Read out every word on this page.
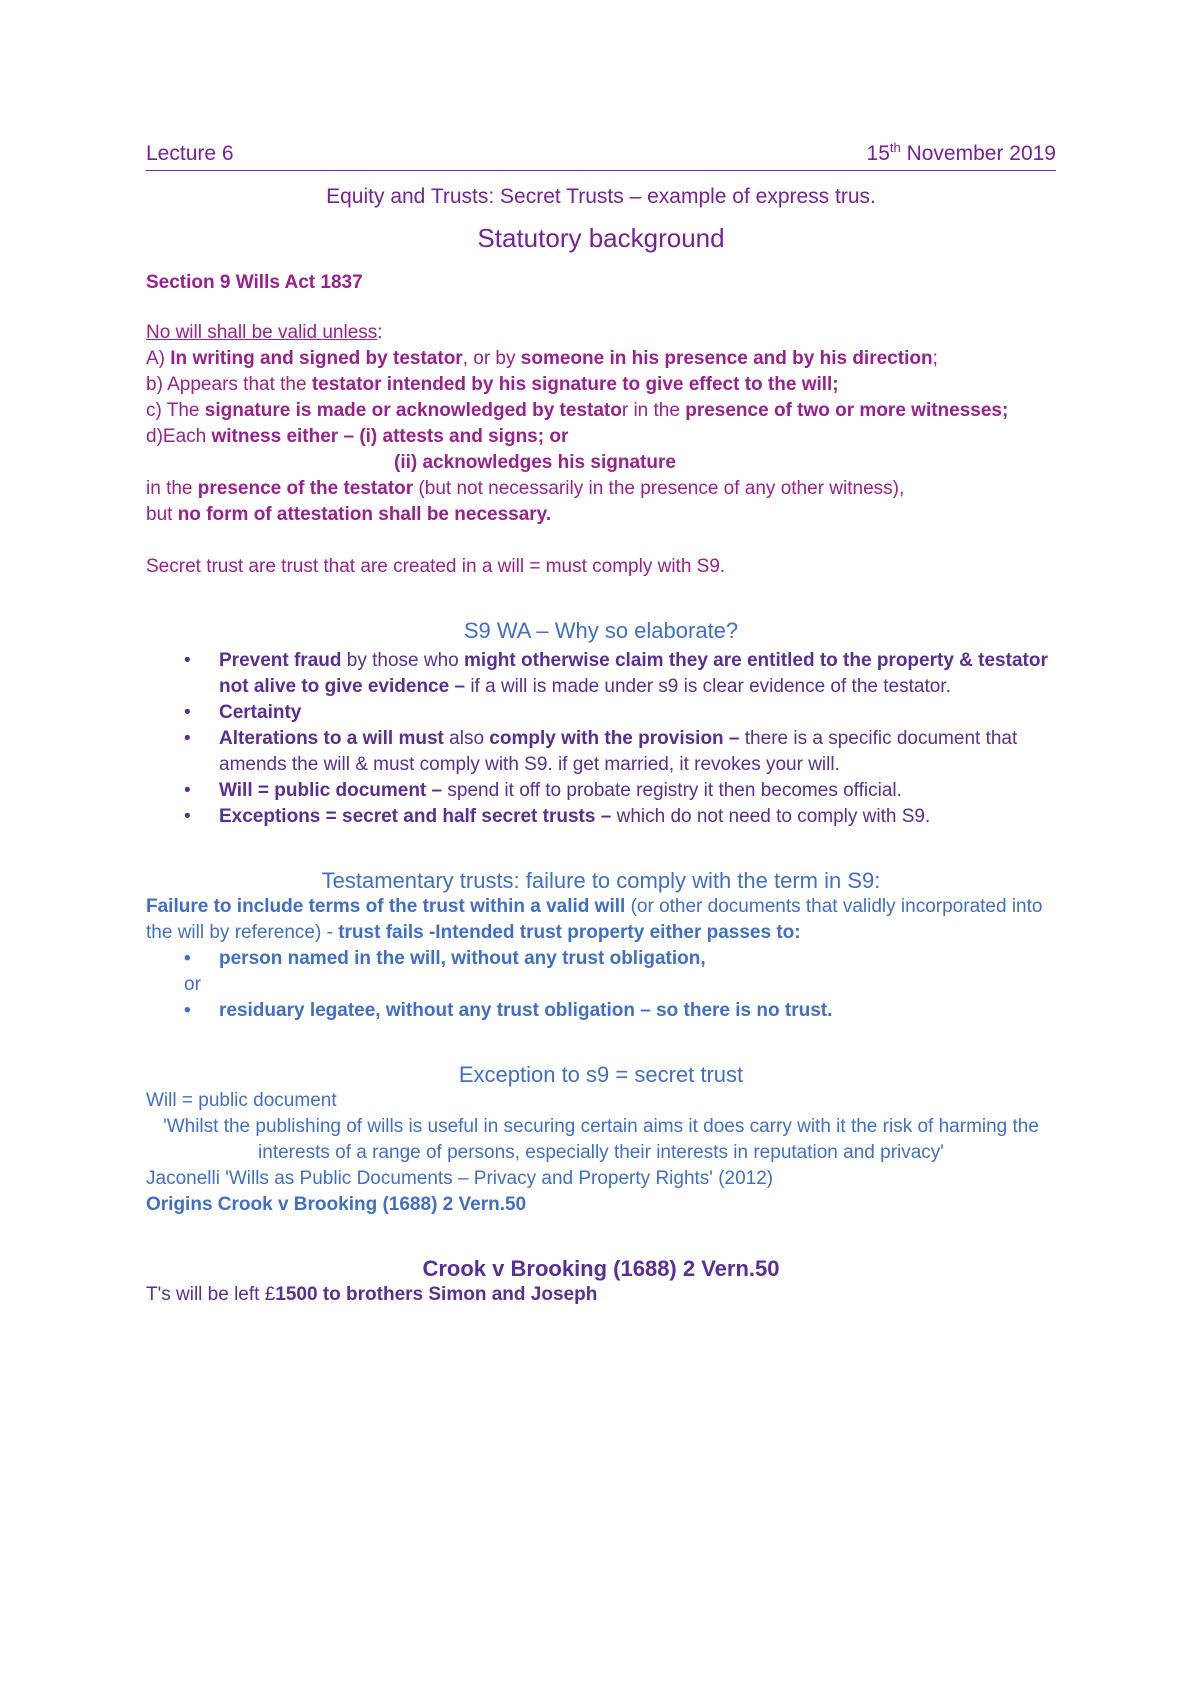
Lecture 6	15th November 2019
Equity and Trusts: Secret Trusts – example of express trus.
Statutory background
Section 9 Wills Act 1837
No will shall be valid unless:
A) In writing and signed by testator, or by someone in his presence and by his direction;
b) Appears that the testator intended by his signature to give effect to the will;
c) The signature is made or acknowledged by testator in the presence of two or more witnesses;
d)Each witness either – (i) attests and signs; or
(ii) acknowledges his signature
in the presence of the testator (but not necessarily in the presence of any other witness),
but no form of attestation shall be necessary.
Secret trust are trust that are created in a will = must comply with S9.
S9 WA – Why so elaborate?
• Prevent fraud by those who might otherwise claim they are entitled to the property & testator not alive to give evidence – if a will is made under s9 is clear evidence of the testator.
• Certainty
• Alterations to a will must also comply with the provision – there is a specific document that amends the will & must comply with S9. if get married, it revokes your will.
• Will = public document – spend it off to probate registry it then becomes official.
• Exceptions = secret and half secret trusts – which do not need to comply with S9.
Testamentary trusts: failure to comply with the term in S9:
Failure to include terms of the trust within a valid will (or other documents that validly incorporated into the will by reference) - trust fails -Intended trust property either passes to:
• person named in the will, without any trust obligation,
or
• residuary legatee, without any trust obligation – so there is no trust.
Exception to s9 = secret trust
Will = public document
'Whilst the publishing of wills is useful in securing certain aims it does carry with it the risk of harming the interests of a range of persons, especially their interests in reputation and privacy'
Jaconelli 'Wills as Public Documents – Privacy and Property Rights' (2012)
Origins Crook v Brooking (1688) 2 Vern.50
Crook v Brooking (1688) 2 Vern.50
T's will be left £1500 to brothers Simon and Joseph
